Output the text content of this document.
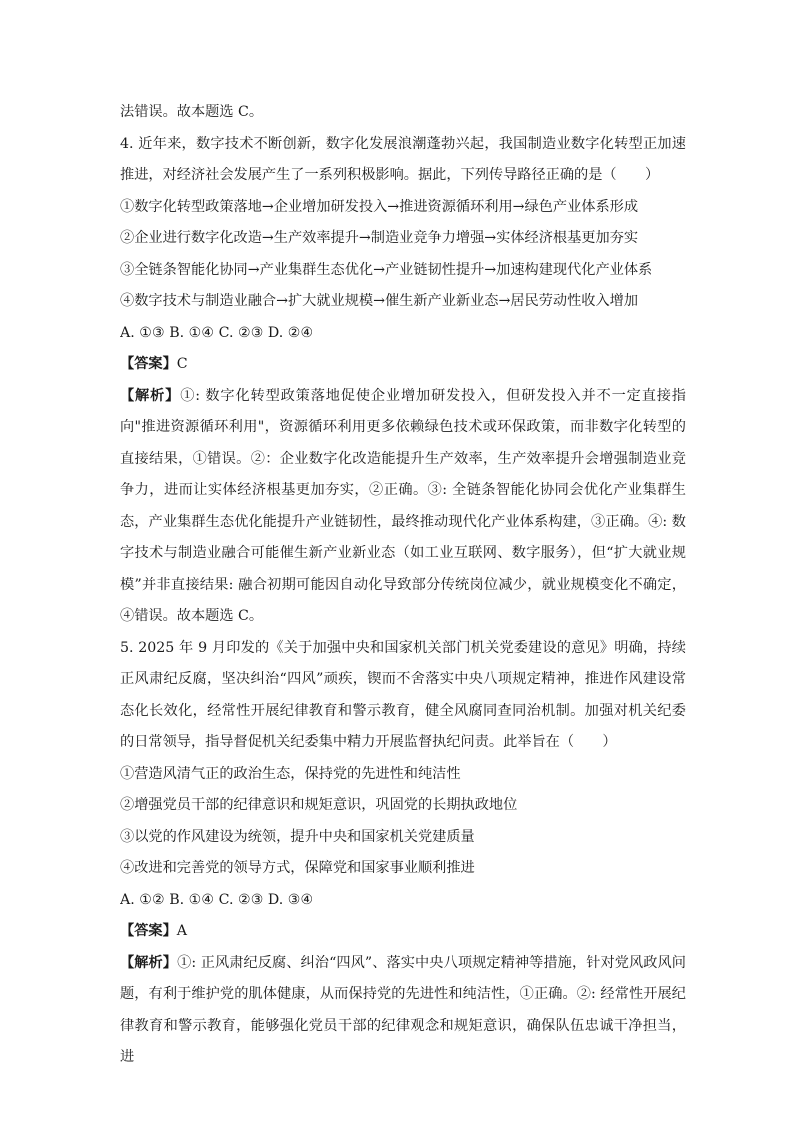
法错误。故本题选 C。
4. 近年来，数字技术不断创新，数字化发展浪潮蓬勃兴起，我国制造业数字化转型正加速推进，对经济社会发展产生了一系列积极影响。据此，下列传导路径正确的是（　　）
①数字化转型政策落地→企业增加研发投入→推进资源循环利用→绿色产业体系形成
②企业进行数字化改造→生产效率提升→制造业竞争力增强→实体经济根基更加夯实
③全链条智能化协同→产业集群生态优化→产业链韧性提升→加速构建现代化产业体系
④数字技术与制造业融合→扩大就业规模→催生新产业新业态→居民劳动性收入增加
A. ①③ B. ①④ C. ②③ D. ②④
【答案】C
【解析】①: 数字化转型政策落地促使企业增加研发投入，但研发投入并不一定直接指向"推进资源循环利用"，资源循环利用更多依赖绿色技术或环保政策，而非数字化转型的直接结果，①错误。②：企业数字化改造能提升生产效率，生产效率提升会增强制造业竞争力，进而让实体经济根基更加夯实，②正确。③: 全链条智能化协同会优化产业集群生态，产业集群生态优化能提升产业链韧性，最终推动现代化产业体系构建，③正确。④: 数字技术与制造业融合可能催生新产业新业态（如工业互联网、数字服务），但“扩大就业规模”并非直接结果: 融合初期可能因自动化导致部分传统岗位减少，就业规模变化不确定，④错误。故本题选 C。
5. 2025 年 9 月印发的《关于加强中央和国家机关部门机关党委建设的意见》明确，持续正风肃纪反腐，坚决纠治“四风”顽疾，锲而不舍落实中央八项规定精神，推进作风建设常态化长效化，经常性开展纪律教育和警示教育，健全风腐同查同治机制。加强对机关纪委的日常领导，指导督促机关纪委集中精力开展监督执纪问责。此举旨在（　　）
①营造风清气正的政治生态，保持党的先进性和纯洁性
②增强党员干部的纪律意识和规矩意识，巩固党的长期执政地位
③以党的作风建设为统领，提升中央和国家机关党建质量
④改进和完善党的领导方式，保障党和国家事业顺利推进
A. ①② B. ①④ C. ②③ D. ③④
【答案】A
【解析】①: 正风肃纪反腐、纠治“四风”、落实中央八项规定精神等措施，针对党风政风问题，有利于维护党的肌体健康，从而保持党的先进性和纯洁性，①正确。②: 经常性开展纪律教育和警示教育，能够强化党员干部的纪律观念和规矩意识，确保队伍忠诚干净担当，进
